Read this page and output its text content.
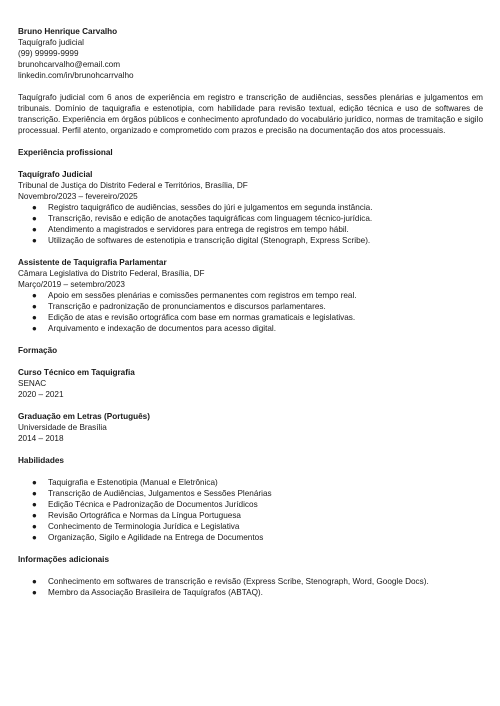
Bruno Henrique Carvalho

Taquígrafo judicial

(99) 99999-9999

brunohcarvalho@email.com

linkedin.com/in/brunohcarrvalho

Taquígrafo judicial com 6 anos de experiência em registro e transcrição de audiências, sessões plenárias e julgamentos em tribunais. Domínio de taquigrafia e estenotipia, com habilidade para revisão textual, edição técnica e uso de softwares de transcrição. Experiência em órgãos públicos e conhecimento aprofundado do vocabulário jurídico, normas de tramitação e sigilo processual. Perfil atento, organizado e comprometido com prazos e precisão na documentação dos atos processuais.

Experiência profissional

Taquígrafo Judicial

Tribunal de Justiça do Distrito Federal e Territórios, Brasília, DF

Novembro/2023 – fevereiro/2025

● Registro taquigráfico de audiências, sessões do júri e julgamentos em segunda instância.
● Transcrição, revisão e edição de anotações taquigráficas com linguagem técnico-jurídica.
● Atendimento a magistrados e servidores para entrega de registros em tempo hábil.
● Utilização de softwares de estenotipia e transcrição digital (Stenograph, Express Scribe).

Assistente de Taquigrafia Parlamentar

Câmara Legislativa do Distrito Federal, Brasília, DF

Março/2019 – setembro/2023

● Apoio em sessões plenárias e comissões permanentes com registros em tempo real.
● Transcrição e padronização de pronunciamentos e discursos parlamentares.
● Edição de atas e revisão ortográfica com base em normas gramaticais e legislativas.
● Arquivamento e indexação de documentos para acesso digital.

Formação

Curso Técnico em Taquigrafia

SENAC

2020 – 2021

Graduação em Letras (Português)

Universidade de Brasília

2014 – 2018

Habilidades

● Taquigrafia e Estenotipia (Manual e Eletrônica)
● Transcrição de Audiências, Julgamentos e Sessões Plenárias
● Edição Técnica e Padronização de Documentos Jurídicos
● Revisão Ortográfica e Normas da Língua Portuguesa
● Conhecimento de Terminologia Jurídica e Legislativa
● Organização, Sigilo e Agilidade na Entrega de Documentos

Informações adicionais

● Conhecimento em softwares de transcrição e revisão (Express Scribe, Stenograph, Word, Google Docs).
● Membro da Associação Brasileira de Taquígrafos (ABTAQ).
